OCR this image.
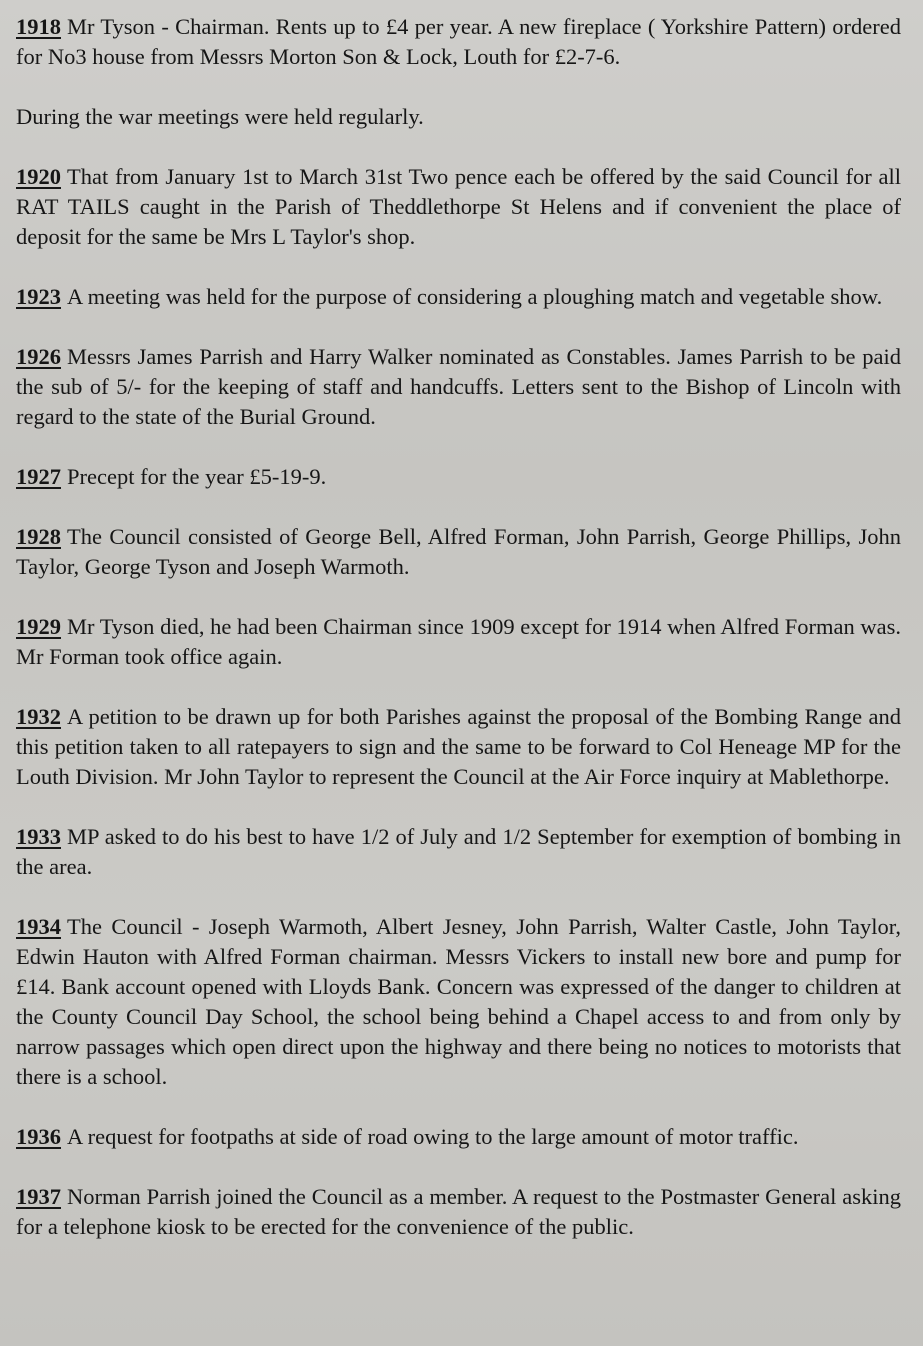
1918 Mr Tyson - Chairman. Rents up to £4 per year. A new fireplace ( Yorkshire Pattern) ordered for No3 house from Messrs Morton Son & Lock, Louth for £2-7-6.

During the war meetings were held regularly.

1920 That from January 1st to March 31st Two pence each be offered by the said Council for all RAT TAILS caught in the Parish of Theddlethorpe St Helens and if convenient the place of deposit for the same be Mrs L Taylor's shop.

1923 A meeting was held for the purpose of considering a ploughing match and vegetable show.

1926 Messrs James Parrish and Harry Walker nominated as Constables. James Parrish to be paid the sub of 5/- for the keeping of staff and handcuffs. Letters sent to the Bishop of Lincoln with regard to the state of the Burial Ground.

1927 Precept for the year £5-19-9.

1928 The Council consisted of George Bell, Alfred Forman, John Parrish, George Phillips, John Taylor, George Tyson and Joseph Warmoth.

1929 Mr Tyson died, he had been Chairman since 1909 except for 1914 when Alfred Forman was. Mr Forman took office again.

1932 A petition to be drawn up for both Parishes against the proposal of the Bombing Range and this petition taken to all ratepayers to sign and the same to be forward to Col Heneage MP for the Louth Division. Mr John Taylor to represent the Council at the Air Force inquiry at Mablethorpe.

1933 MP asked to do his best to have 1/2 of July and 1/2 September for exemption of bombing in the area.

1934 The Council - Joseph Warmoth, Albert Jesney, John Parrish, Walter Castle, John Taylor, Edwin Hauton with Alfred Forman chairman. Messrs Vickers to install new bore and pump for £14. Bank account opened with Lloyds Bank. Concern was expressed of the danger to children at the County Council Day School, the school being behind a Chapel access to and from only by narrow passages which open direct upon the highway and there being no notices to motorists that there is a school.

1936 A request for footpaths at side of road owing to the large amount of motor traffic.

1937 Norman Parrish joined the Council as a member. A request to the Postmaster General asking for a telephone kiosk to be erected for the convenience of the public.
